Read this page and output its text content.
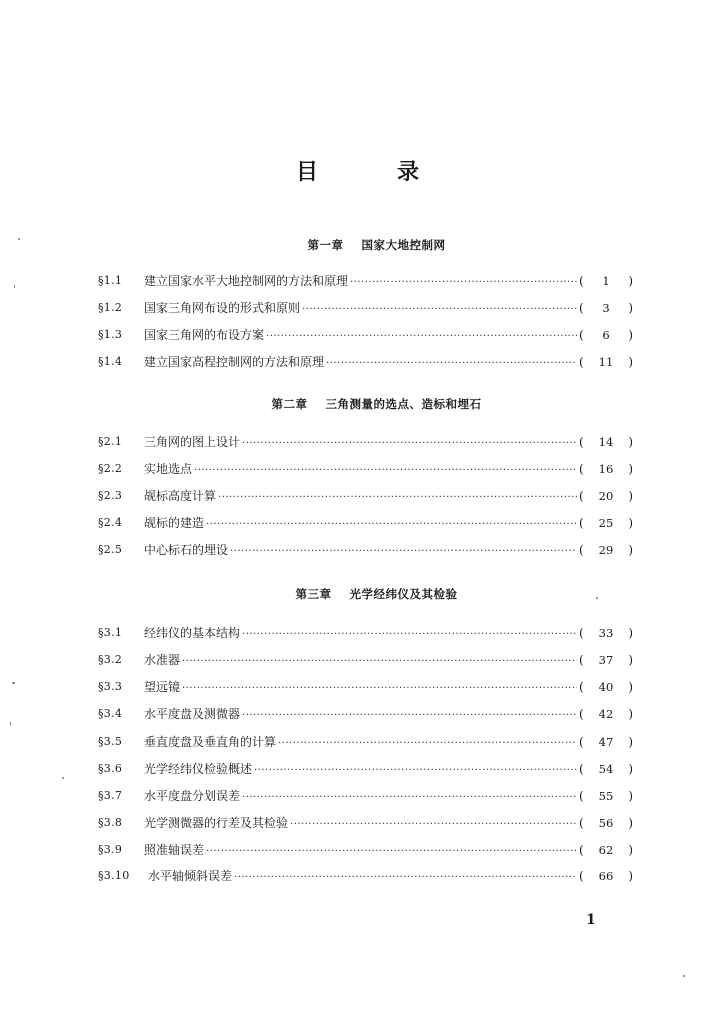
目	录
第一章 国家大地控制网
§1.1 建立国家水平大地控制网的方法和原理 ·····	(	1	)
§1.2 国家三角网布设的形式和原则 ·····	(	3	)
§1.3 国家三角网的布设方案 ·····	(	6	)
§1.4 建立国家高程控制网的方法和原理 ·····	(	11	)
第二章 三角测量的选点、造标和埋石
§2.1 三角网的图上设计 ·····	(	14	)
§2.2 实地选点 ·····	(	16	)
§2.3 觇标高度计算 ·····	(	20	)
§2.4 觇标的建造 ·····	(	25	)
§2.5 中心标石的埋设 ·····	(	29	)
第三章 光学经纬仪及其检验
§3.1 经纬仪的基本结构 ·····	(	33	)
§3.2 水准器 ·····	(	37	)
§3.3 望远镜 ·····	(	40	)
§3.4 水平度盘及测微器 ·····	(	42	)
§3.5 垂直度盘及垂直角的计算 ·····	(	47	)
§3.6 光学经纬仪检验概述 ·····	(	54	)
§3.7 水平度盘分划误差 ·····	(	55	)
§3.8 光学测微器的行差及其检验 ·····	(	56	)
§3.9 照准轴误差 ·····	(	62	)
§3.10 水平轴倾斜误差 ·····	(	66	)
1
